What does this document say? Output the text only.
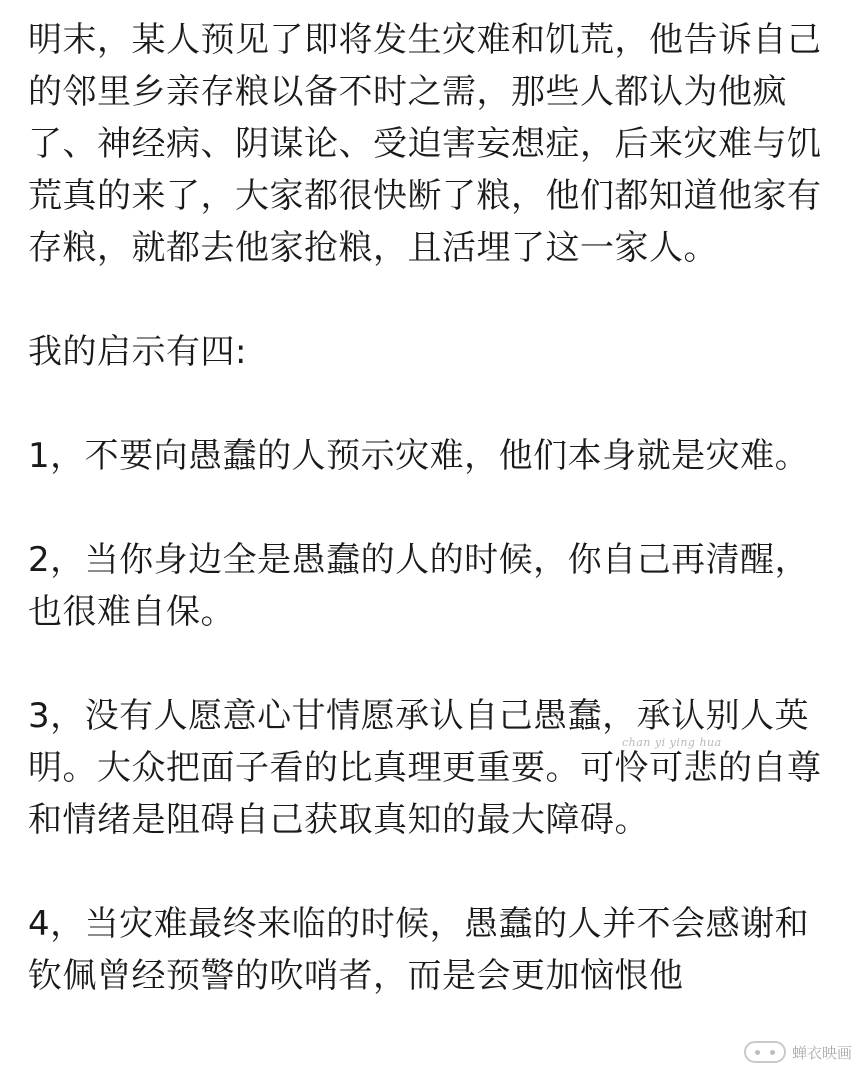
明末，某人预见了即将发生灾难和饥荒，他告诉自己的邻里乡亲存粮以备不时之需，那些人都认为他疯了、神经病、阴谋论、受迫害妄想症，后来灾难与饥荒真的来了，大家都很快断了粮，他们都知道他家有存粮，就都去他家抢粮，且活埋了这一家人。

我的启示有四:

1，不要向愚蠢的人预示灾难，他们本身就是灾难。

2，当你身边全是愚蠢的人的时候，你自己再清醒，也很难自保。

3，没有人愿意心甘情愿承认自己愚蠢，承认别人英明。大众把面子看的比真理更重要。可怜可悲的自尊和情绪是阻碍自己获取真知的最大障碍。

4，当灾难最终来临的时候，愚蠢的人并不会感谢和钦佩曾经预警的吹哨者，而是会更加恼恨他

chan yi ying hua
蝉衣映画
